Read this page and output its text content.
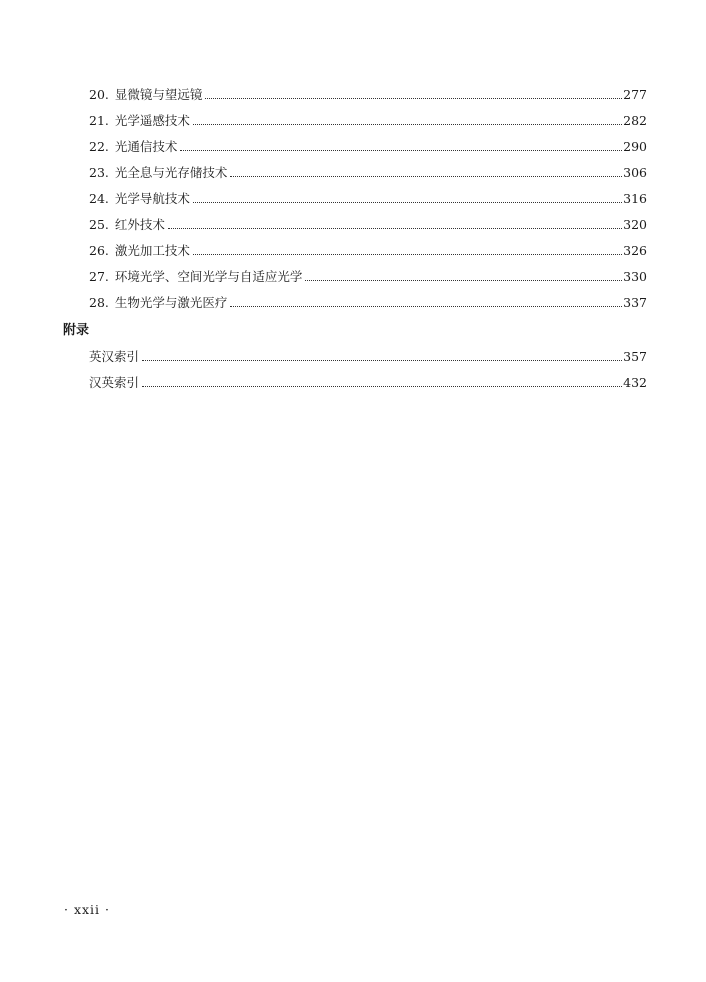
20. 显微镜与望远镜	277
21. 光学遥感技术	282
22. 光通信技术	290
23. 光全息与光存储技术	306
24. 光学导航技术	316
25. 红外技术	320
26. 激光加工技术	326
27. 环境光学、空间光学与自适应光学	330
28. 生物光学与激光医疗	337
附录
英汉索引	357
汉英索引	432
· xxii ·
